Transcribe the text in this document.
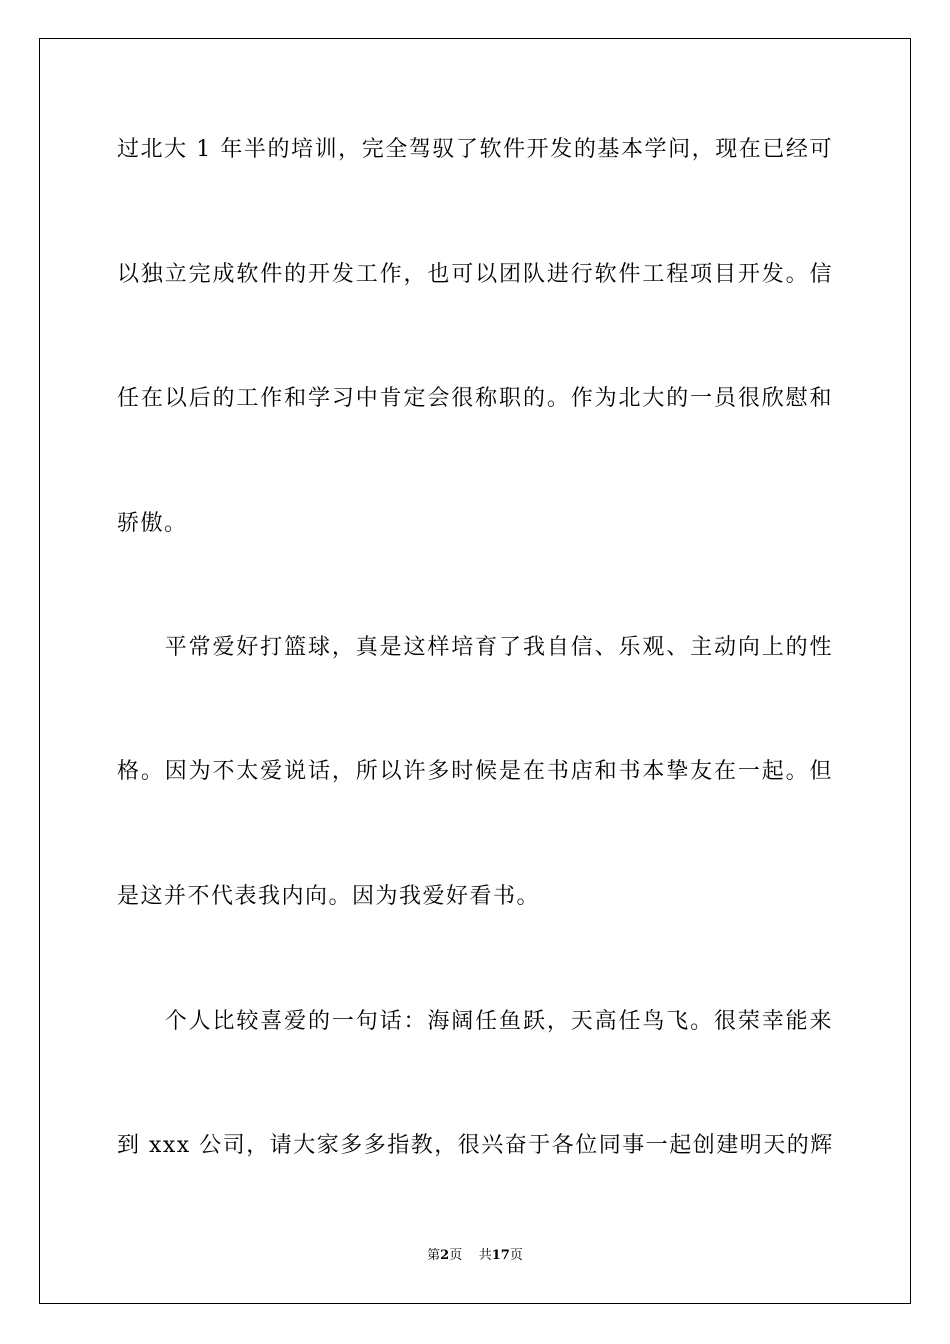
过北大 1 年半的培训，完全驾驭了软件开发的基本学问，现在已经可
以独立完成软件的开发工作，也可以团队进行软件工程项目开发。信
任在以后的工作和学习中肯定会很称职的。作为北大的一员很欣慰和
骄傲。
　　平常爱好打篮球，真是这样培育了我自信、乐观、主动向上的性
格。因为不太爱说话，所以许多时候是在书店和书本挚友在一起。但
是这并不代表我内向。因为我爱好看书。
　　个人比较喜爱的一句话：海阔任鱼跃，天高任鸟飞。很荣幸能来
到 xxx 公司，请大家多多指教，很兴奋于各位同事一起创建明天的辉
第2页 共17页
